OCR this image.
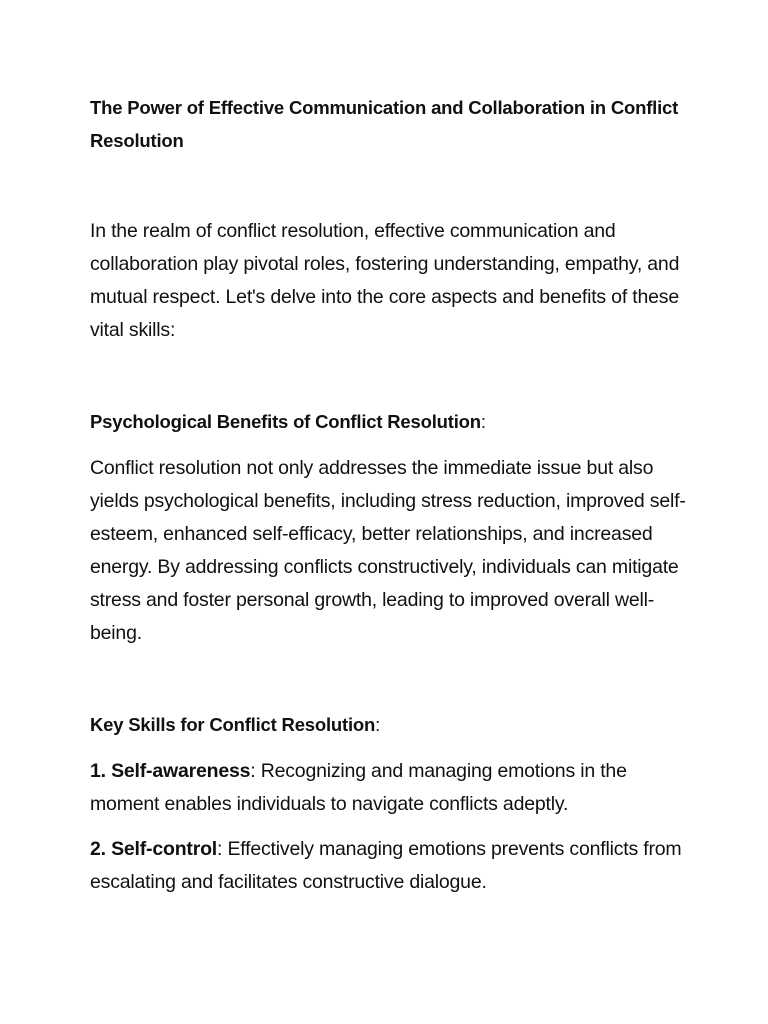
The Power of Effective Communication and Collaboration in Conflict Resolution

In the realm of conflict resolution, effective communication and collaboration play pivotal roles, fostering understanding, empathy, and mutual respect. Let's delve into the core aspects and benefits of these vital skills:

Psychological Benefits of Conflict Resolution:

Conflict resolution not only addresses the immediate issue but also yields psychological benefits, including stress reduction, improved self-esteem, enhanced self-efficacy, better relationships, and increased energy. By addressing conflicts constructively, individuals can mitigate stress and foster personal growth, leading to improved overall well-being.

Key Skills for Conflict Resolution:

1. Self-awareness: Recognizing and managing emotions in the moment enables individuals to navigate conflicts adeptly.

2. Self-control: Effectively managing emotions prevents conflicts from escalating and facilitates constructive dialogue.
